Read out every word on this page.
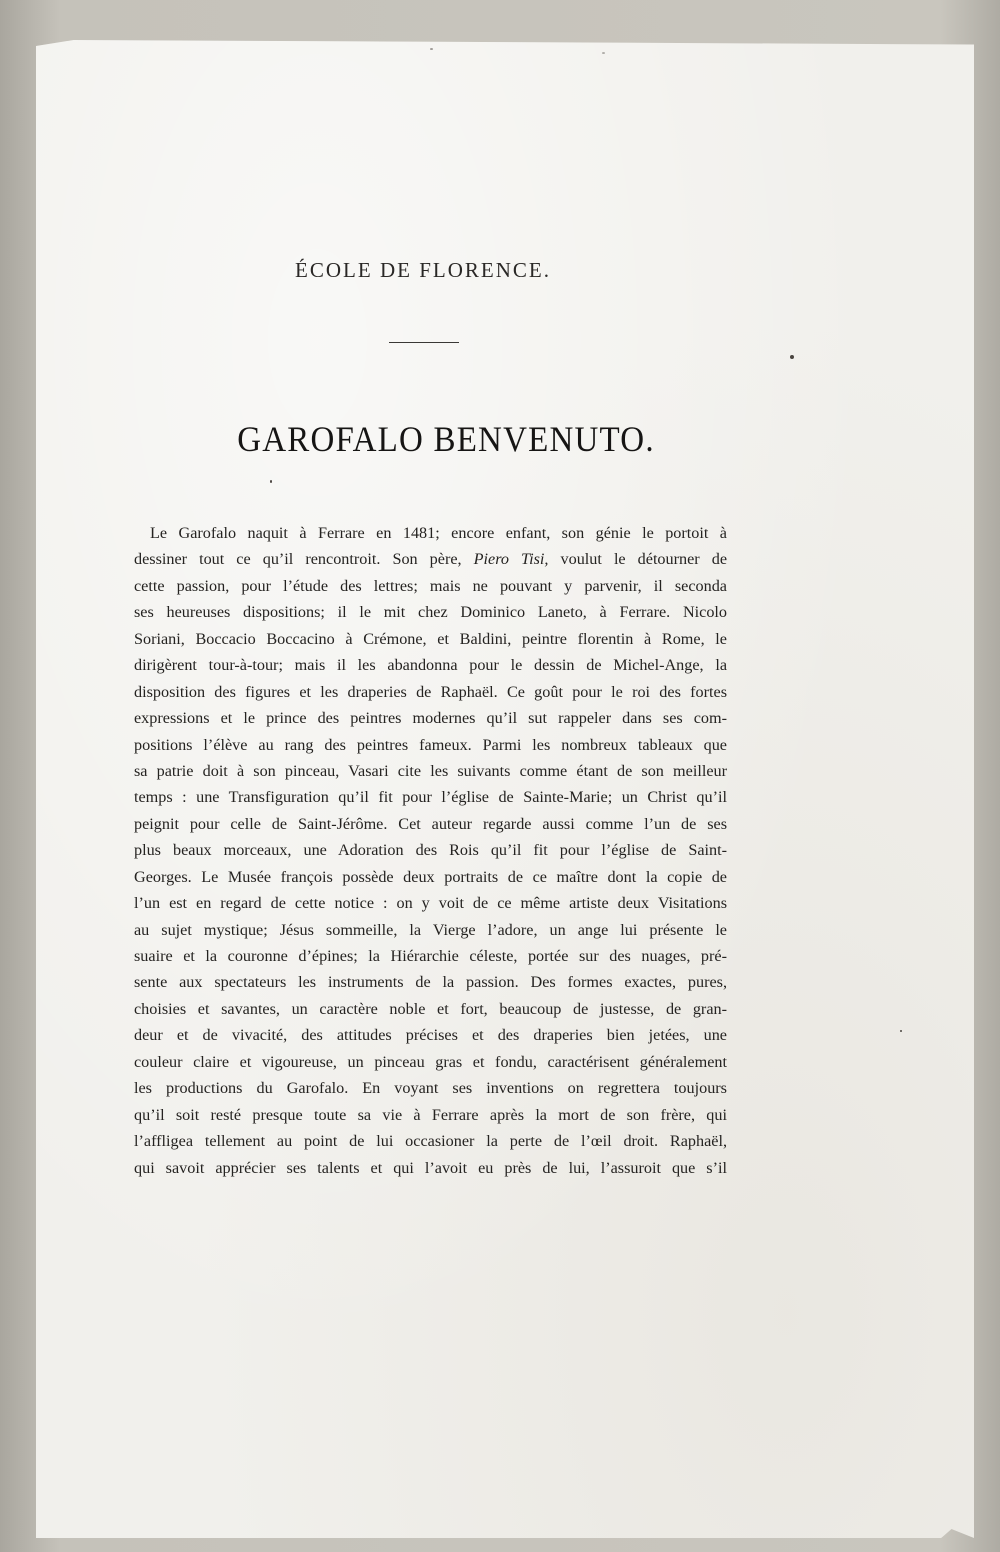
ÉCOLE DE FLORENCE.
GAROFALO BENVENUTO.
Le Garofalo naquit à Ferrare en 1481; encore enfant, son génie le portoit à
dessiner tout ce qu’il rencontroit. Son père, Piero Tisi, voulut le détourner de
cette passion, pour l’étude des lettres; mais ne pouvant y parvenir, il seconda
ses heureuses dispositions; il le mit chez Dominico Laneto, à Ferrare. Nicolo
Soriani, Boccacio Boccacino à Crémone, et Baldini, peintre florentin à Rome, le
dirigèrent tour-à-tour; mais il les abandonna pour le dessin de Michel-Ange, la
disposition des figures et les draperies de Raphaël. Ce goût pour le roi des fortes
expressions et le prince des peintres modernes qu’il sut rappeler dans ses com-
positions l’élève au rang des peintres fameux. Parmi les nombreux tableaux que
sa patrie doit à son pinceau, Vasari cite les suivants comme étant de son meilleur
temps : une Transfiguration qu’il fit pour l’église de Sainte-Marie; un Christ qu’il
peignit pour celle de Saint-Jérôme. Cet auteur regarde aussi comme l’un de ses
plus beaux morceaux, une Adoration des Rois qu’il fit pour l’église de Saint-
Georges. Le Musée françois possède deux portraits de ce maître dont la copie de
l’un est en regard de cette notice : on y voit de ce même artiste deux Visitations
au sujet mystique; Jésus sommeille, la Vierge l’adore, un ange lui présente le
suaire et la couronne d’épines; la Hiérarchie céleste, portée sur des nuages, pré-
sente aux spectateurs les instruments de la passion. Des formes exactes, pures,
choisies et savantes, un caractère noble et fort, beaucoup de justesse, de gran-
deur et de vivacité, des attitudes précises et des draperies bien jetées, une
couleur claire et vigoureuse, un pinceau gras et fondu, caractérisent généralement
les productions du Garofalo. En voyant ses inventions on regrettera toujours
qu’il soit resté presque toute sa vie à Ferrare après la mort de son frère, qui
l’affligea tellement au point de lui occasioner la perte de l’œil droit. Raphaël,
qui savoit apprécier ses talents et qui l’avoit eu près de lui, l’assuroit que s’il
